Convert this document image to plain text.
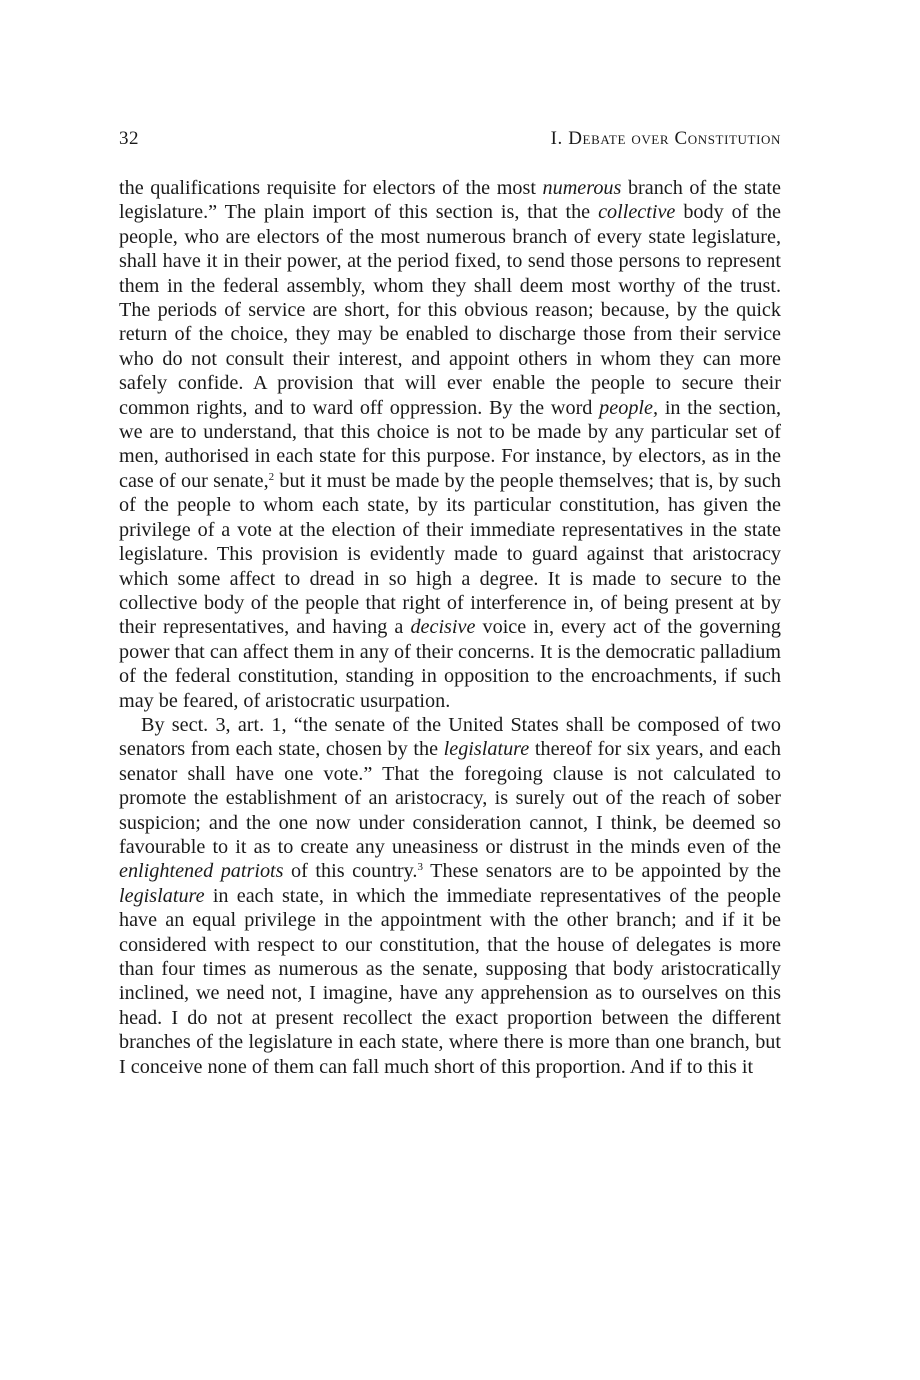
32	I. Debate over Constitution

the qualifications requisite for electors of the most numerous branch of the state legislature.” The plain import of this section is, that the collective body of the people, who are electors of the most numerous branch of every state legislature, shall have it in their power, at the period fixed, to send those persons to represent them in the federal assembly, whom they shall deem most worthy of the trust. The periods of service are short, for this obvious reason; because, by the quick return of the choice, they may be enabled to discharge those from their service who do not consult their interest, and appoint others in whom they can more safely confide. A provision that will ever enable the people to secure their common rights, and to ward off oppression. By the word people, in the section, we are to understand, that this choice is not to be made by any particular set of men, authorised in each state for this purpose. For instance, by electors, as in the case of our senate,$^2$ but it must be made by the people themselves; that is, by such of the people to whom each state, by its particular constitution, has given the privilege of a vote at the election of their immediate representatives in the state legislature. This provision is evidently made to guard against that aristocracy which some affect to dread in so high a degree. It is made to secure to the collective body of the people that right of interference in, of being present at by their representatives, and having a decisive voice in, every act of the governing power that can affect them in any of their concerns. It is the democratic palladium of the federal constitution, standing in opposition to the encroachments, if such may be feared, of aristocratic usurpation.

By sect. 3, art. 1, “the senate of the United States shall be composed of two senators from each state, chosen by the legislature thereof for six years, and each senator shall have one vote.” That the foregoing clause is not calculated to promote the establishment of an aristocracy, is surely out of the reach of sober suspicion; and the one now under consideration cannot, I think, be deemed so favourable to it as to create any uneasiness or distrust in the minds even of the enlightened patriots of this country.$^3$ These senators are to be appointed by the legislature in each state, in which the immediate representatives of the people have an equal privilege in the appointment with the other branch; and if it be considered with respect to our constitution, that the house of delegates is more than four times as numerous as the senate, supposing that body aristocratically inclined, we need not, I imagine, have any apprehension as to ourselves on this head. I do not at present recollect the exact proportion between the different branches of the legislature in each state, where there is more than one branch, but I conceive none of them can fall much short of this proportion. And if to this it
